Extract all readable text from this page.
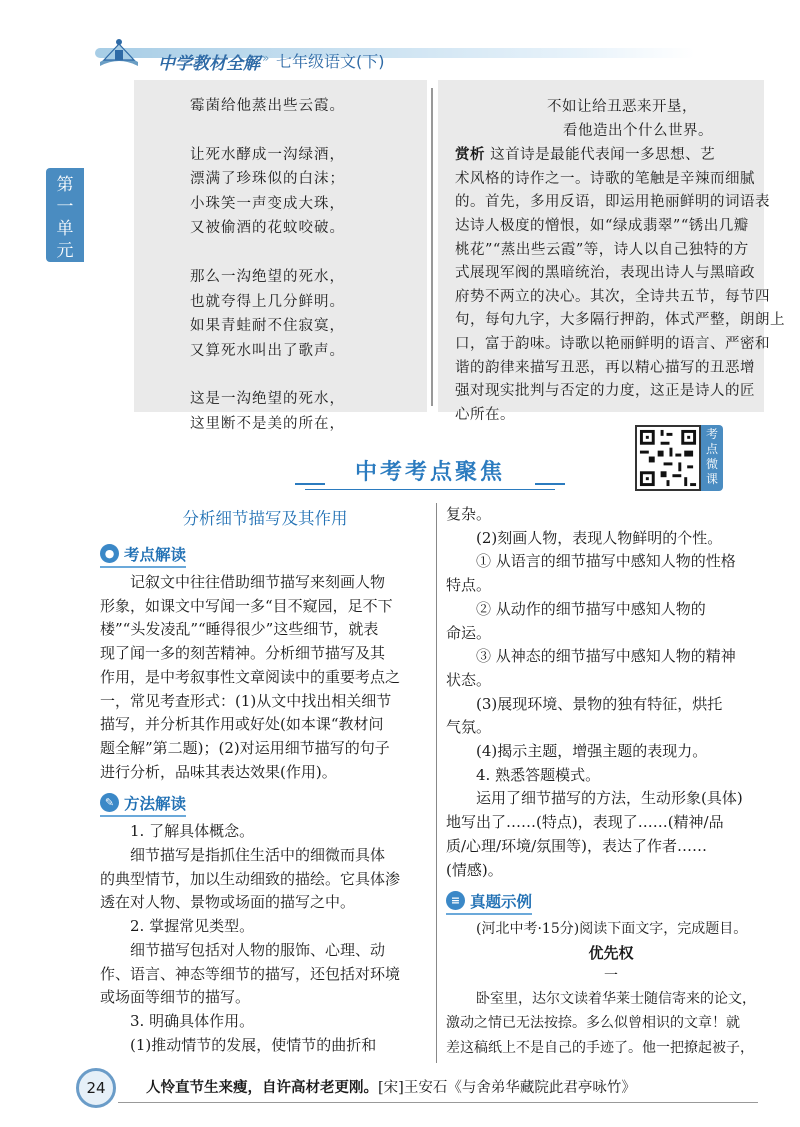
中学教材全解 » 七年级语文(下)
第
一
单
元

霉菌给他蒸出些云霞。

让死水酵成一沟绿酒，

漂满了珍珠似的白沫；

小珠笑一声变成大珠，

又被偷酒的花蚊咬破。

那么一沟绝望的死水，

也就夸得上几分鲜明。

如果青蛙耐不住寂寞，

又算死水叫出了歌声。

这是一沟绝望的死水，

这里断不是美的所在，

不如让给丑恶来开垦，
看他造出个什么世界。
赏析 这首诗是最能代表闻一多思想、艺
术风格的诗作之一。诗歌的笔触是辛辣而细腻
的。首先，多用反语，即运用艳丽鲜明的词语表
达诗人极度的憎恨，如“绿成翡翠”“锈出几瓣
桃花”“蒸出些云霞”等，诗人以自己独特的方
式展现军阀的黑暗统治，表现出诗人与黑暗政
府势不两立的决心。其次，全诗共五节，每节四
句，每句九字，大多隔行押韵，体式严整，朗朗上
口，富于韵味。诗歌以艳丽鲜明的语言、严密和
谐的韵律来描写丑恶，再以精心描写的丑恶增
强对现实批判与否定的力度，这正是诗人的匠
心所在。
中考考点聚焦
考
点
微
课
分析细节描写及其作用
● 考点解读
记叙文中往往借助细节描写来刻画人物
形象，如课文中写闻一多“目不窥园，足不下
楼”“头发凌乱”“睡得很少”这些细节，就表
现了闻一多的刻苦精神。分析细节描写及其
作用，是中考叙事性文章阅读中的重要考点之
一，常见考查形式：(1)从文中找出相关细节
描写，并分析其作用或好处(如本课“教材问
题全解”第二题)；(2)对运用细节描写的句子
进行分析，品味其表达效果(作用)。
✎ 方法解读
1. 了解具体概念。
细节描写是指抓住生活中的细微而具体
的典型情节，加以生动细致的描绘。它具体渗
透在对人物、景物或场面的描写之中。
2. 掌握常见类型。
细节描写包括对人物的服饰、心理、动
作、语言、神态等细节的描写，还包括对环境
或场面等细节的描写。
3. 明确具体作用。
(1)推动情节的发展，使情节的曲折和
复杂。
(2)刻画人物，表现人物鲜明的个性。
① 从语言的细节描写中感知人物的性格
特点。
② 从动作的细节描写中感知人物的
命运。
③ 从神态的细节描写中感知人物的精神
状态。
(3)展现环境、景物的独有特征，烘托
气氛。
(4)揭示主题，增强主题的表现力。
4. 熟悉答题模式。
运用了细节描写的方法，生动形象(具体)
地写出了……(特点)，表现了……(精神/品
质/心理/环境/氛围等)，表达了作者……
(情感)。
≡ 真题示例
(河北中考·15分)阅读下面文字，完成题目。
优先权
一
卧室里，达尔文读着华莱士随信寄来的论文，
激动之情已无法按捺。多么似曾相识的文章！就
差这稿纸上不是自己的手迹了。他一把撩起被子，
24	人怜直节生来瘦，自许高材老更刚。[宋]王安石《与舍弟华藏院此君亭咏竹》
